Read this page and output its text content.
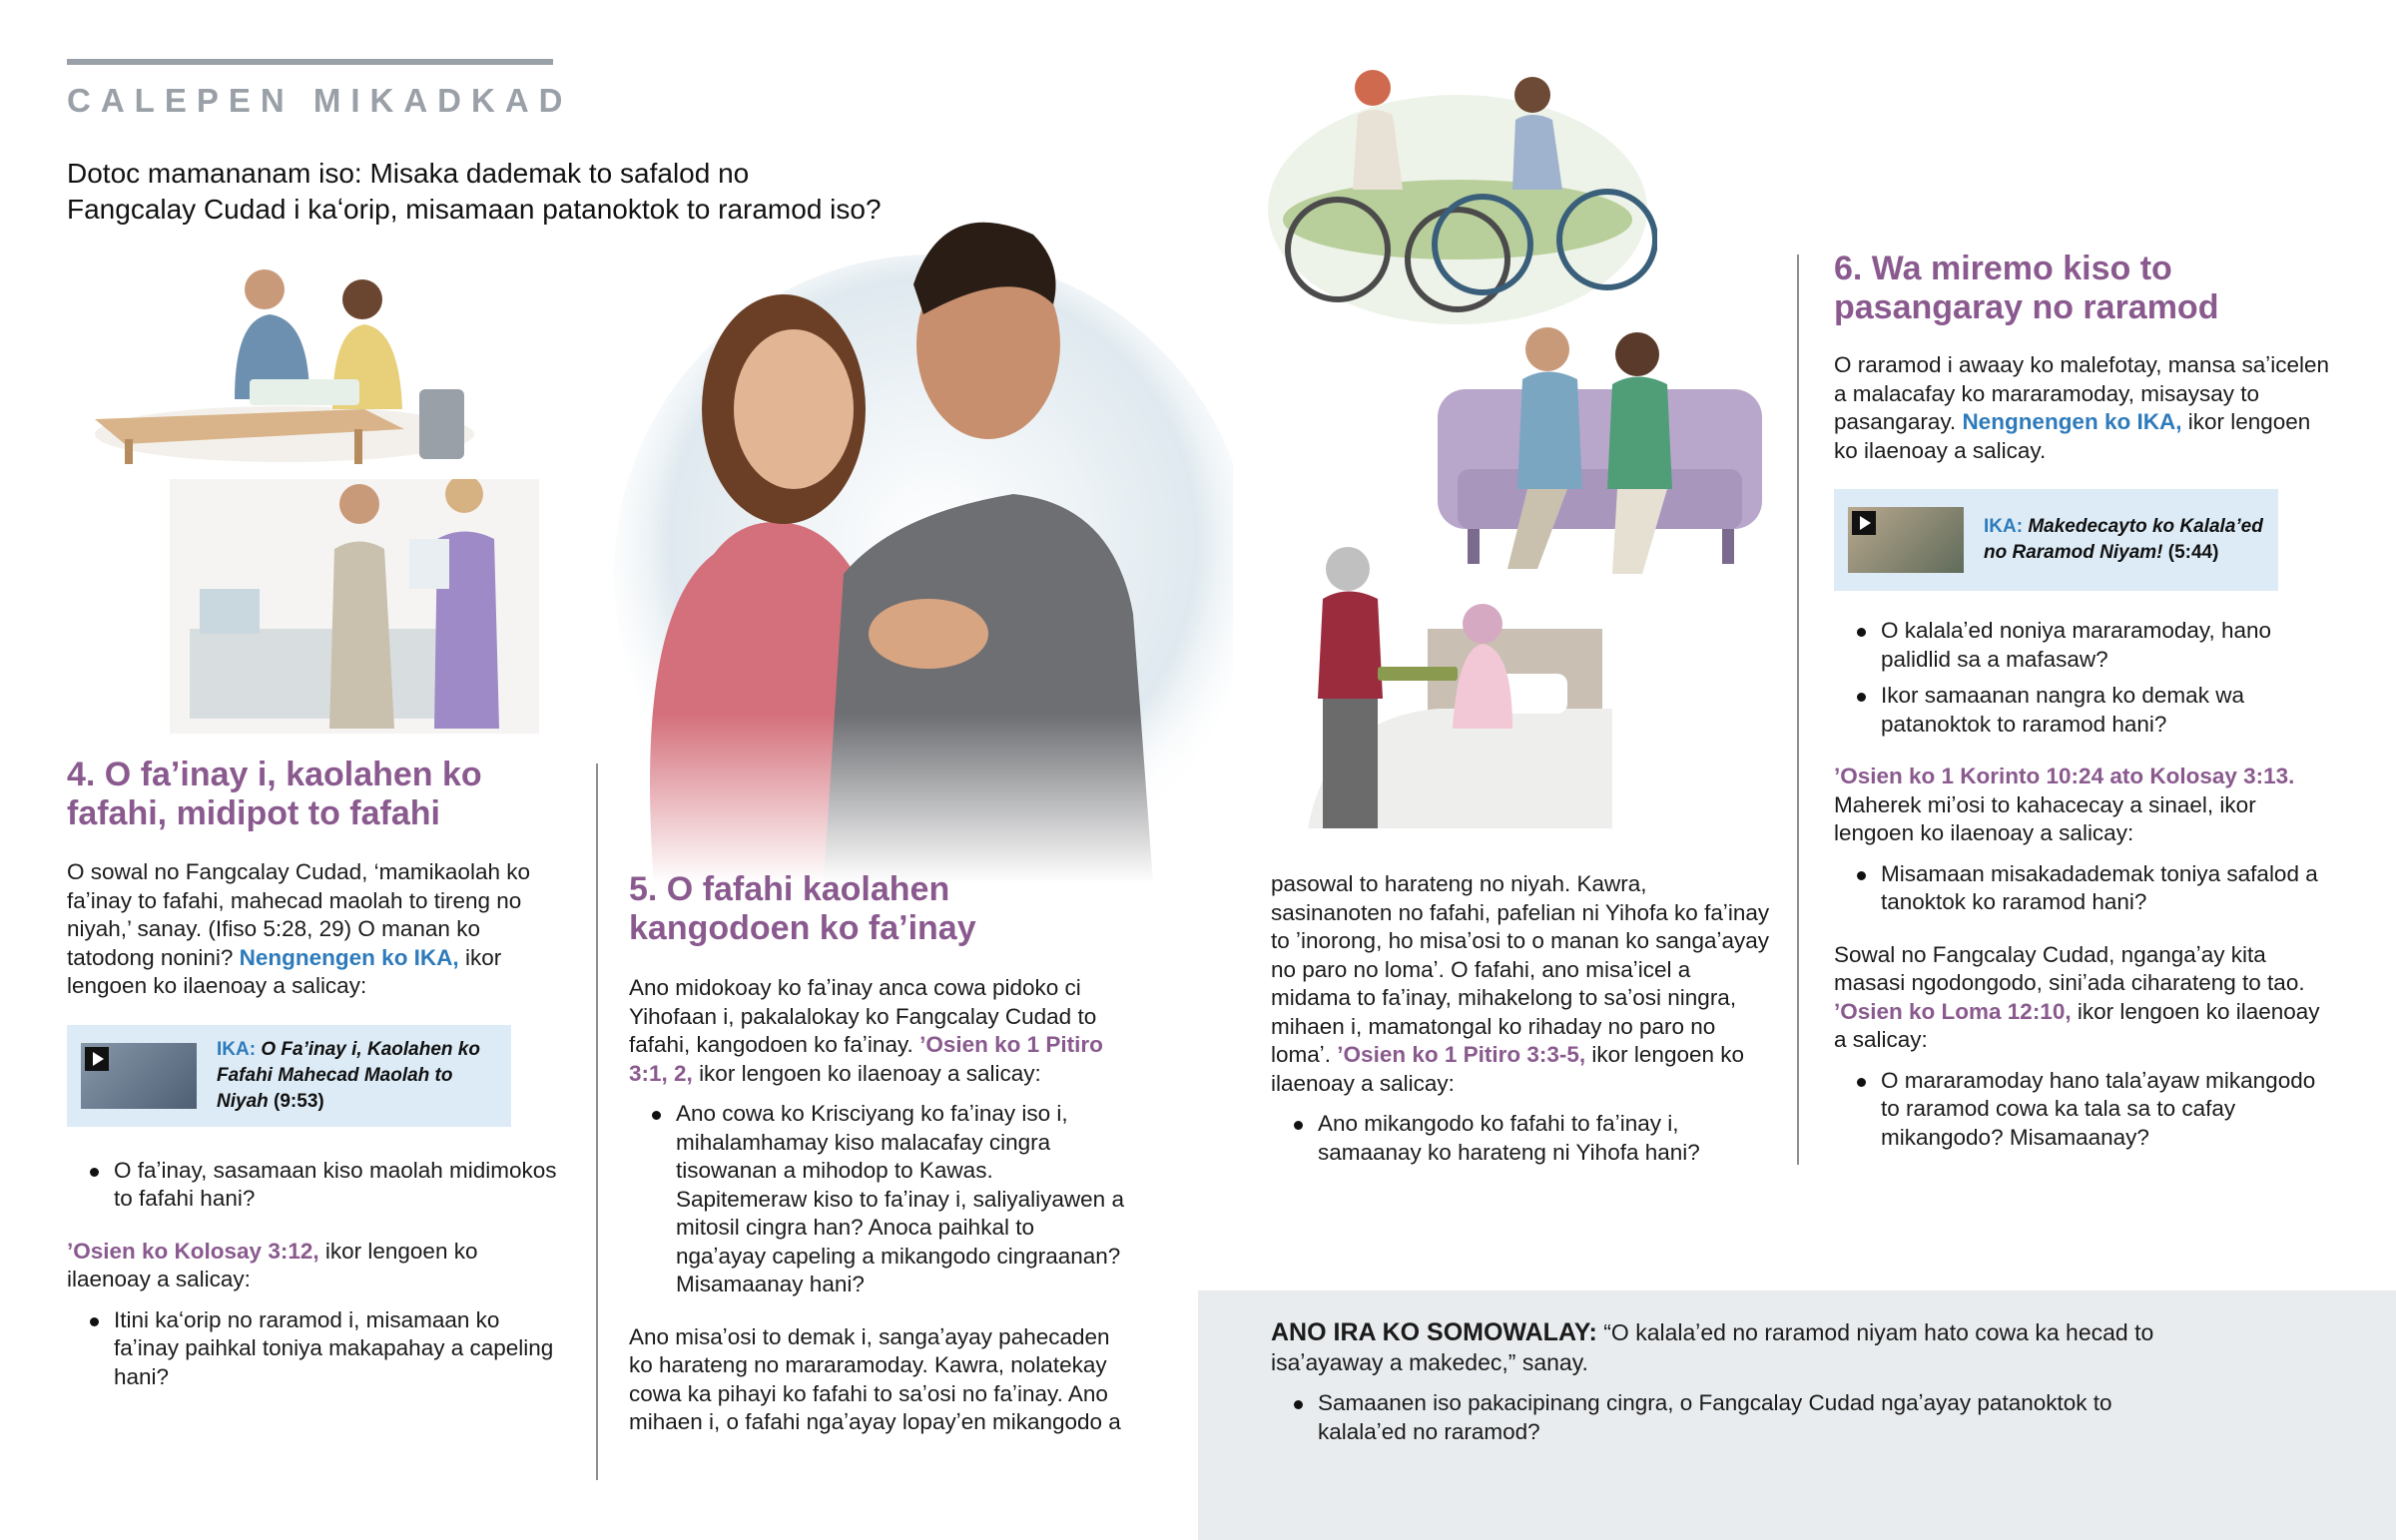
CALEPEN MIKADKAD
Dotoc mamananam iso: Misaka dademak to safalod no Fangcalay Cudad i kaʻorip, misamaan patanoktok to raramod iso?
4. O faʼinay i, kaolahen ko fafahi, midipot to fafahi

O sowal no Fangcalay Cudad, ‘mamikaolah ko faʼinay to fafahi, mahecad maolah to tireng no niyah,’ sanay. (Ifiso 5:28, 29) O manan ko tatodong nonini? Nengnengen ko IKA, ikor lengoen ko ilaenoay a salicay:

IKA: O Faʼinay i, Kaolahen ko Fafahi Mahecad Maolah to Niyah (9:53)
O faʼinay, sasamaan kiso maolah midimokos to fafahi hani?

ʼOsien ko Kolosay 3:12, ikor lengoen ko ilaenoay a salicay:

Itini kaʻorip no raramod i, misamaan ko faʼinay paihkal toniya makapahay a capeling hani?
5. O fafahi kaolahen kangodoen ko faʼinay

Ano midokoay ko faʼinay anca cowa pidoko ci Yihofaan i, pakalalokay ko Fangcalay Cudad to fafahi, kangodoen ko faʼinay. ʼOsien ko 1 Pitiro 3:1, 2, ikor lengoen ko ilaenoay a salicay:

Ano cowa ko Krisciyang ko faʼinay iso i, mihalamhamay kiso malacafay cingra tisowanan a mihodop to Kawas. Sapitemeraw kiso to faʼinay i, saliyaliyawen a mitosil cingra han? Anoca paihkal to ngaʼayay capeling a mikangodo cingraanan? Misamaanay hani?

Ano misaʼosi to demak i, sangaʼayay pahecaden ko harateng no mararamoday. Kawra, nolatekay cowa ka pihayi ko fafahi to saʼosi no faʼinay. Ano mihaen i, o fafahi ngaʼayay lopayʼen mikangodo a

pasowal to harateng no niyah. Kawra, sasinanoten no fafahi, pafelian ni Yihofa ko faʼinay to ʼinorong, ho misaʼosi to o manan ko sangaʼayay no paro no lomaʼ. O fafahi, ano misaʼicel a midama to faʼinay, mihakelong to saʼosi ningra, mihaen i, mamatongal ko rihaday no paro no lomaʼ. ʼOsien ko 1 Pitiro 3:3-5, ikor lengoen ko ilaenoay a salicay:

Ano mikangodo ko fafahi to faʼinay i, samaanay ko harateng ni Yihofa hani?
6. Wa miremo kiso to pasangaray no raramod

O raramod i awaay ko malefotay, mansa saʼicelen a malacafay ko mararamoday, misaysay to pasangaray. Nengnengen ko IKA, ikor lengoen ko ilaenoay a salicay.

IKA: Makedecayto ko Kalalaʼed no Raramod Niyam! (5:44)
O kalalaʼed noniya mararamoday, hano palidlid sa a mafasaw?
Ikor samaanan nangra ko demak wa patanoktok to raramod hani?

ʼOsien ko 1 Korinto 10:24 ato Kolosay 3:13. Maherek miʼosi to kahacecay a sinael, ikor lengoen ko ilaenoay a salicay:

Misamaan misakadademak toniya safalod a tanoktok ko raramod hani?

Sowal no Fangcalay Cudad, ngangaʼay kita masasi ngodongodo, siniʼada ciharateng to tao. ʼOsien ko Loma 12:10, ikor lengoen ko ilaenoay a salicay:

O mararamoday hano talaʼayaw mikangodo to raramod cowa ka tala sa to cafay mikangodo? Misamaanay?

ANO IRA KO SOMOWALAY: “O kalalaʼed no raramod niyam hato cowa ka hecad to isaʼayaway a makedec,” sanay.

Samaanen iso pakacipinang cingra, o Fangcalay Cudad ngaʼayay patanoktok to kalalaʼed no raramod?
